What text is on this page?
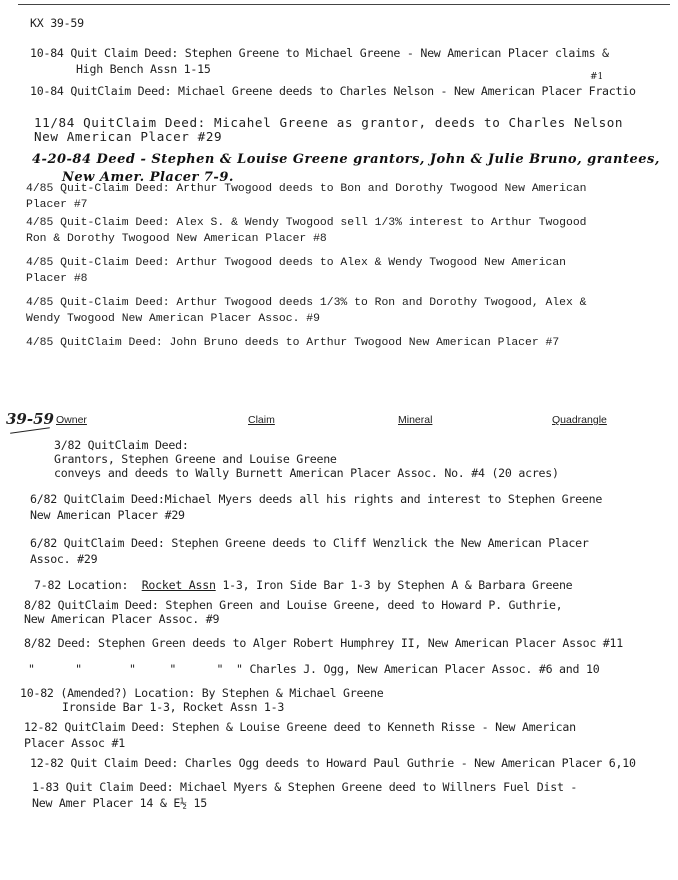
KX 39-59
10-84 Quit Claim Deed: Stephen Greene to Michael Greene - New American Placer claims &
High Bench Assn 1-15
10-84 QuitClaim Deed: Michael Greene deeds to Charles Nelson - New American Placer Fractio
#1
11/84 QuitClaim Deed: Micahel Greene as grantor, deeds to Charles Nelson
New American Placer #29
4-20-84 Deed - Stephen & Louise Greene grantors, John & Julie Bruno, grantees,
New Amer. Placer 7-9.
4/85 Quit-Claim Deed: Arthur Twogood deeds to Bon and Dorothy Twogood New American
Placer #7
4/85 Quit-Claim Deed: Alex S. & Wendy Twogood sell 1/3% interest to Arthur Twogood
Ron & Dorothy Twogood New American Placer #8
4/85 Quit-Claim Deed: Arthur Twogood deeds to Alex & Wendy Twogood New American
Placer #8
4/85 Quit-Claim Deed: Arthur Twogood deeds 1/3% to Ron and Dorothy Twogood, Alex &
Wendy Twogood New American Placer Assoc. #9
4/85 QuitClaim Deed: John Bruno deeds to Arthur Twogood New American Placer #7
39-59 Owner	Claim	Mineral	Quadrangle
3/82 QuitClaim Deed:
Grantors, Stephen Greene and Louise Greene
conveys and deeds to Wally Burnett American Placer Assoc. No. #4 (20 acres)
6/82 QuitClaim Deed:Michael Myers deeds all his rights and interest to Stephen Greene
New American Placer #29
6/82 QuitClaim Deed: Stephen Greene deeds to Cliff Wenzlick the New American Placer
Assoc. #29
7-82 Location:  Rocket Assn 1-3, Iron Side Bar 1-3 by Stephen A & Barbara Greene
8/82 QuitClaim Deed: Stephen Green and Louise Greene, deed to Howard P. Guthrie,
New American Placer Assoc. #9
8/82 Deed: Stephen Green deeds to Alger Robert Humphrey II, New American Placer Assoc #11
"      "       "     "      " " Charles J. Ogg, New American Placer Assoc. #6 and 10
10-82 (Amended?) Location: By Stephen & Michael Greene
Ironside Bar 1-3, Rocket Assn 1-3
12-82 QuitClaim Deed: Stephen & Louise Greene deed to Kenneth Risse - New American
Placer Assoc #1
12-82 Quit Claim Deed: Charles Ogg deeds to Howard Paul Guthrie - New American Placer 6,10
1-83 Quit Claim Deed: Michael Myers & Stephen Greene deed to Willners Fuel Dist -
New Amer Placer 14 & E½ 15
